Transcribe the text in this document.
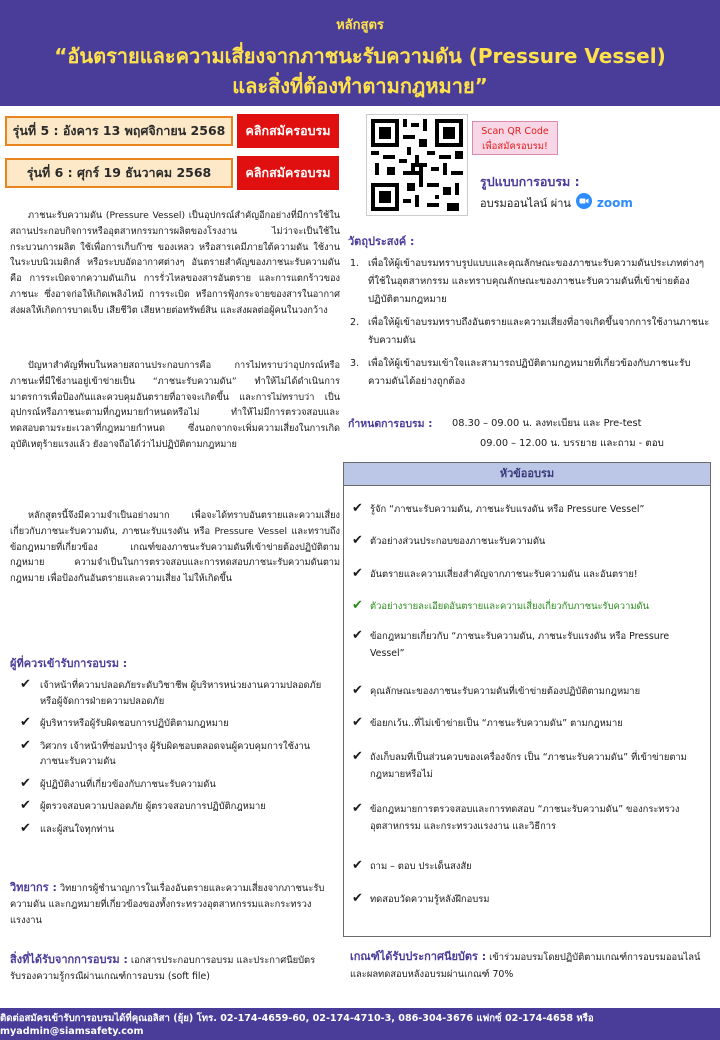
หลักสูตร
“อันตรายและความเสี่ยงจากภาชนะรับความดัน (Pressure Vessel)
และสิ่งที่ต้องทำตามกฎหมาย”
รุ่นที่ 5 : อังคาร 13 พฤศจิกายน 2568	คลิกสมัครอบรม
รุ่นที่ 6 : ศุกร์ 19 ธันวาคม 2568	คลิกสมัครอบรม
Scan QR Code
เพื่อสมัครอบรม!
รูปแบบการอบรม :
อบรมออนไลน์ ผ่าน zoom
ภาชนะรับความดัน (Pressure Vessel) เป็นอุปกรณ์สำคัญอีกอย่างที่มีการใช้ในสถานประกอบกิจการหรืออุตสาหกรรมการผลิตของโรงงาน ไม่ว่าจะเป็นใช้ในกระบวนการผลิต ใช้เพื่อการเก็บก๊าซ ของเหลว หรือสารเคมีภายใต้ความดัน ใช้งานในระบบนิวเมติกส์ หรือระบบอัดอากาศต่างๆ อันตรายสำคัญของภาชนะรับความดัน คือ การระเบิดจากความดันเกิน การรั่วไหลของสารอันตราย และการแตกร้าวของภาชนะ ซึ่งอาจก่อให้เกิดเพลิงไหม้ การระเบิด หรือการฟุ้งกระจายของสารในอากาศ ส่งผลให้เกิดการบาดเจ็บ เสียชีวิต เสียหายต่อทรัพย์สิน และส่งผลต่อผู้คนในวงกว้าง
ปัญหาสำคัญที่พบในหลายสถานประกอบการคือ การไม่ทราบว่าอุปกรณ์หรือภาชนะที่มีใช้งานอยู่เข้าข่ายเป็น “ภาชนะรับความดัน” ทำให้ไม่ได้ดำเนินการมาตรการเพื่อป้องกันและควบคุมอันตรายที่อาจจะเกิดขึ้น และการไม่ทราบว่า เป็นอุปกรณ์หรือภาชนะตามที่กฎหมายกำหนดหรือไม่ ทำให้ไม่มีการตรวจสอบและทดสอบตามระยะเวลาที่กฎหมายกำหนด ซึ่งนอกจากจะเพิ่มความเสี่ยงในการเกิดอุบัติเหตุร้ายแรงแล้ว ยังอาจถือได้ว่าไม่ปฏิบัติตามกฎหมาย
หลักสูตรนี้จึงมีความจำเป็นอย่างมาก เพื่อจะได้ทราบอันตรายและความเสี่ยงเกี่ยวกับภาชนะรับความดัน, ภาชนะรับแรงดัน หรือ Pressure Vessel และทราบถึงข้อกฎหมายที่เกี่ยวข้อง เกณฑ์ของภาชนะรับความดันที่เข้าข่ายต้องปฏิบัติตามกฎหมาย ความจำเป็นในการตรวจสอบและการทดสอบภาชนะรับความดันตามกฎหมาย เพื่อป้องกันอันตรายและความเสี่ยง ไม่ให้เกิดขึ้น
ผู้ที่ควรเข้ารับการอบรม :
✔ เจ้าหน้าที่ความปลอดภัยระดับวิชาชีพ ผู้บริหารหน่วยงานความปลอดภัย หรือผู้จัดการฝ่ายความปลอดภัย
✔ ผู้บริหารหรือผู้รับผิดชอบการปฏิบัติตามกฎหมาย
✔ วิศวกร เจ้าหน้าที่ซ่อมบำรุง ผู้รับผิดชอบตลอดจนผู้ควบคุมการใช้งานภาชนะรับความดัน
✔ ผู้ปฏิบัติงานที่เกี่ยวข้องกับภาชนะรับความดัน
✔ ผู้ตรวจสอบความปลอดภัย ผู้ตรวจสอบการปฏิบัติกฎหมาย
✔ และผู้สนใจทุกท่าน
วิทยากร : วิทยากรผู้ชำนาญการในเรื่องอันตรายและความเสี่ยงจากภาชนะรับความดัน และกฎหมายที่เกี่ยวข้องของทั้งกระทรวงอุตสาหกรรมและกระทรวงแรงงาน
สิ่งที่ได้รับจากการอบรม : เอกสารประกอบการอบรม และประกาศนียบัตรรับรองความรู้กรณีผ่านเกณฑ์การอบรม (soft file)
วัตถุประสงค์ :
1. เพื่อให้ผู้เข้าอบรมทราบรูปแบบและคุณลักษณะของภาชนะรับความดันประเภทต่างๆ ที่ใช้ในอุตสาหกรรม และทราบคุณลักษณะของภาชนะรับความดันที่เข้าข่ายต้องปฏิบัติตามกฎหมาย
2. เพื่อให้ผู้เข้าอบรมทราบถึงอันตรายและความเสี่ยงที่อาจเกิดขึ้นจากการใช้งานภาชนะรับความดัน
3. เพื่อให้ผู้เข้าอบรมเข้าใจและสามารถปฏิบัติตามกฎหมายที่เกี่ยวข้องกับภาชนะรับความดันได้อย่างถูกต้อง
กำหนดการอบรม : 08.30 – 09.00 น. ลงทะเบียน และ Pre-test
09.00 – 12.00 น. บรรยาย และถาม - ตอบ
หัวข้ออบรม
✔ รู้จัก “ภาชนะรับความดัน, ภาชนะรับแรงดัน หรือ Pressure Vessel”
✔ ตัวอย่างส่วนประกอบของภาชนะรับความดัน
✔ อันตรายและความเสี่ยงสำคัญจากภาชนะรับความดัน และอันตราย!
✔ ตัวอย่างรายละเอียดอันตรายและความเสี่ยงเกี่ยวกับภาชนะรับความดัน
✔ ข้อกฎหมายเกี่ยวกับ “ภาชนะรับความดัน, ภาชนะรับแรงดัน หรือ Pressure Vessel”
✔ คุณลักษณะของภาชนะรับความดันที่เข้าข่ายต้องปฏิบัติตามกฎหมาย
✔ ข้อยกเว้น..ที่ไม่เข้าข่ายเป็น “ภาชนะรับความดัน” ตามกฎหมาย
✔ ถังเก็บลมที่เป็นส่วนควบของเครื่องจักร เป็น “ภาชนะรับความดัน” ที่เข้าข่ายตามกฎหมายหรือไม่
✔ ข้อกฎหมายการตรวจสอบและการทดสอบ “ภาชนะรับความดัน” ของกระทรวงอุตสาหกรรม และกระทรวงแรงงาน และวิธีการ
✔ ถาม – ตอบ ประเด็นสงสัย
✔ ทดสอบวัดความรู้หลังฝึกอบรม
เกณฑ์ได้รับประกาศนียบัตร : เข้าร่วมอบรมโดยปฏิบัติตามเกณฑ์การอบรมออนไลน์และผลทดสอบหลังอบรมผ่านเกณฑ์ 70%
ติดต่อสมัครเข้ารับการอบรมได้ที่คุณอลิสา (ยุ้ย) โทร. 02-174-4659-60, 02-174-4710-3, 086-304-3676 แฟกซ์ 02-174-4658 หรือ myadmin@siamsafety.com
